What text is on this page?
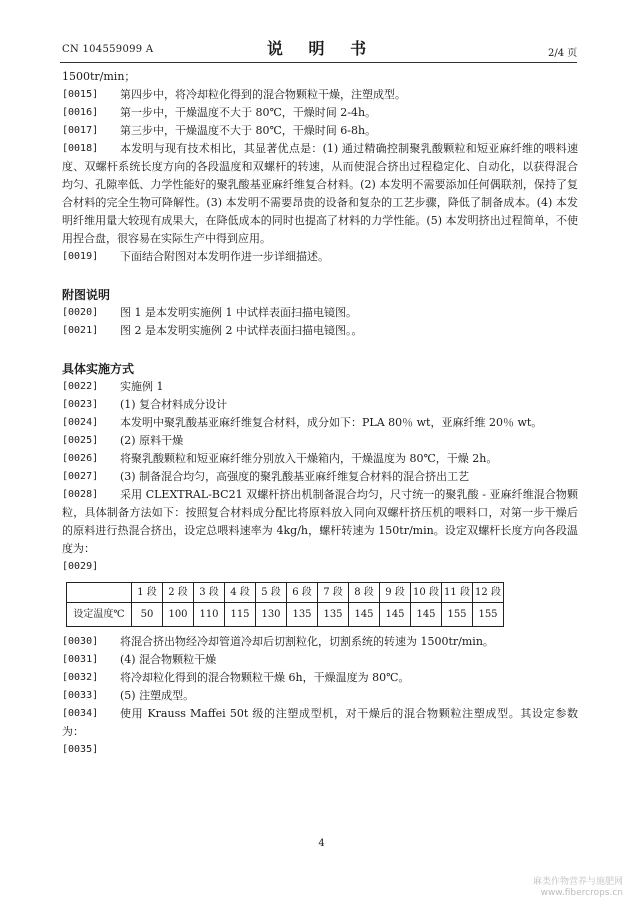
CN 104559099 A	说 明 书	2/4 页

1500tr/min；

[0015]	第四步中，将冷却粒化得到的混合物颗粒干燥，注塑成型。
[0016]	第一步中，干燥温度不大于 80℃，干燥时间 2-4h。
[0017]	第三步中，干燥温度不大于 80℃，干燥时间 6-8h。
[0018]	本发明与现有技术相比，其显著优点是：(1) 通过精确控制聚乳酸颗粒和短亚麻纤维的喂料速度、双螺杆系统长度方向的各段温度和双螺杆的转速，从而使混合挤出过程稳定化、自动化，以获得混合均匀、孔隙率低、力学性能好的聚乳酸基亚麻纤维复合材料。(2) 本发明不需要添加任何偶联剂，保持了复合材料的完全生物可降解性。(3) 本发明不需要昂贵的设备和复杂的工艺步骤，降低了制备成本。(4) 本发明纤维用量大较现有成果大，在降低成本的同时也提高了材料的力学性能。(5) 本发明挤出过程简单，不使用捏合盘，很容易在实际生产中得到应用。
[0019]	下面结合附图对本发明作进一步详细描述。

附图说明

[0020]	图 1 是本发明实施例 1 中试样表面扫描电镜图。
[0021]	图 2 是本发明实施例 2 中试样表面扫描电镜图。。

具体实施方式

[0022]	实施例 1
[0023]	(1) 复合材料成分设计
[0024]	本发明中聚乳酸基亚麻纤维复合材料，成分如下：PLA 80％ wt，亚麻纤维 20％ wt。
[0025]	(2) 原料干燥
[0026]	将聚乳酸颗粒和短亚麻纤维分别放入干燥箱内，干燥温度为 80℃，干燥 2h。
[0027]	(3) 制备混合均匀，高强度的聚乳酸基亚麻纤维复合材料的混合挤出工艺
[0028]	采用 CLEXTRAL-BC21 双螺杆挤出机制备混合均匀，尺寸统一的聚乳酸 - 亚麻纤维混合物颗粒，具体制备方法如下：按照复合材料成分配比将原料放入同向双螺杆挤压机的喂料口，对第一步干燥后的原料进行热混合挤出，设定总喂料速率为 4kg/h，螺杆转速为 150tr/min。设定双螺杆长度方向各段温度为：
[0029]

	1 段	2 段	3 段	4 段	5 段	6 段	7 段	8 段	9 段	10 段	11 段	12 段
设定温度℃	50	100	110	115	130	135	135	145	145	145	155	155
[0030]	将混合挤出物经冷却管道冷却后切割粒化，切割系统的转速为 1500tr/min。
[0031]	(4) 混合物颗粒干燥
[0032]	将冷却粒化得到的混合物颗粒干燥 6h，干燥温度为 80℃。
[0033]	(5) 注塑成型。
[0034]	使用 Krauss Maffei 50t 级的注塑成型机，对干燥后的混合物颗粒注塑成型。其设定参数为：
[0035]

4
麻类作物营养与施肥网
www.fibercrops.cn
